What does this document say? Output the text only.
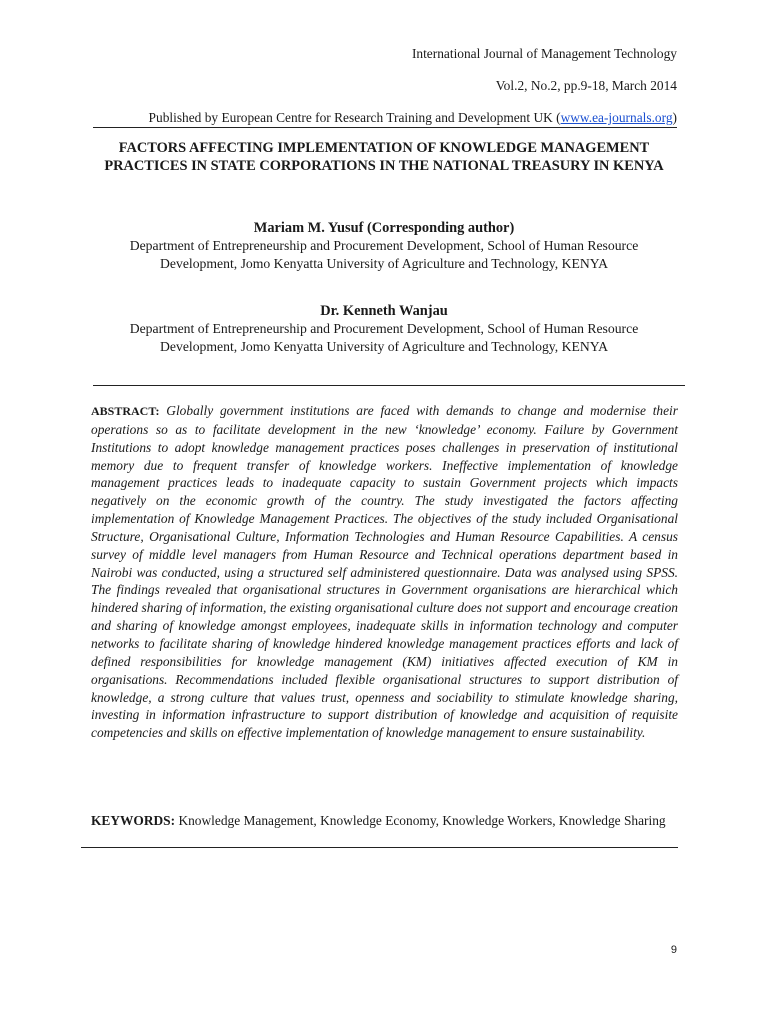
International Journal of Management Technology
Vol.2, No.2, pp.9-18, March 2014
Published by European Centre for Research Training and Development UK (www.ea-journals.org)
FACTORS AFFECTING IMPLEMENTATION OF KNOWLEDGE MANAGEMENT PRACTICES IN STATE CORPORATIONS IN THE NATIONAL TREASURY IN KENYA
Mariam M. Yusuf (Corresponding author)
Department of Entrepreneurship and Procurement Development, School of Human Resource Development, Jomo Kenyatta University of Agriculture and Technology, KENYA
Dr. Kenneth Wanjau
Department of Entrepreneurship and Procurement Development, School of Human Resource Development, Jomo Kenyatta University of Agriculture and Technology, KENYA
ABSTRACT: Globally government institutions are faced with demands to change and modernise their operations so as to facilitate development in the new ‘knowledge’ economy. Failure by Government Institutions to adopt knowledge management practices poses challenges in preservation of institutional memory due to frequent transfer of knowledge workers. Ineffective implementation of knowledge management practices leads to inadequate capacity to sustain Government projects which impacts negatively on the economic growth of the country. The study investigated the factors affecting implementation of Knowledge Management Practices. The objectives of the study included Organisational Structure, Organisational Culture, Information Technologies and Human Resource Capabilities. A census survey of middle level managers from Human Resource and Technical operations department based in Nairobi was conducted, using a structured self administered questionnaire. Data was analysed using SPSS. The findings revealed that organisational structures in Government organisations are hierarchical which hindered sharing of information, the existing organisational culture does not support and encourage creation and sharing of knowledge amongst employees, inadequate skills in information technology and computer networks to facilitate sharing of knowledge hindered knowledge management practices efforts and lack of defined responsibilities for knowledge management (KM) initiatives affected execution of KM in organisations. Recommendations included flexible organisational structures to support distribution of knowledge, a strong culture that values trust, openness and sociability to stimulate knowledge sharing, investing in information infrastructure to support distribution of knowledge and acquisition of requisite competencies and skills on effective implementation of knowledge management to ensure sustainability.
KEYWORDS: Knowledge Management, Knowledge Economy, Knowledge Workers, Knowledge Sharing
9
